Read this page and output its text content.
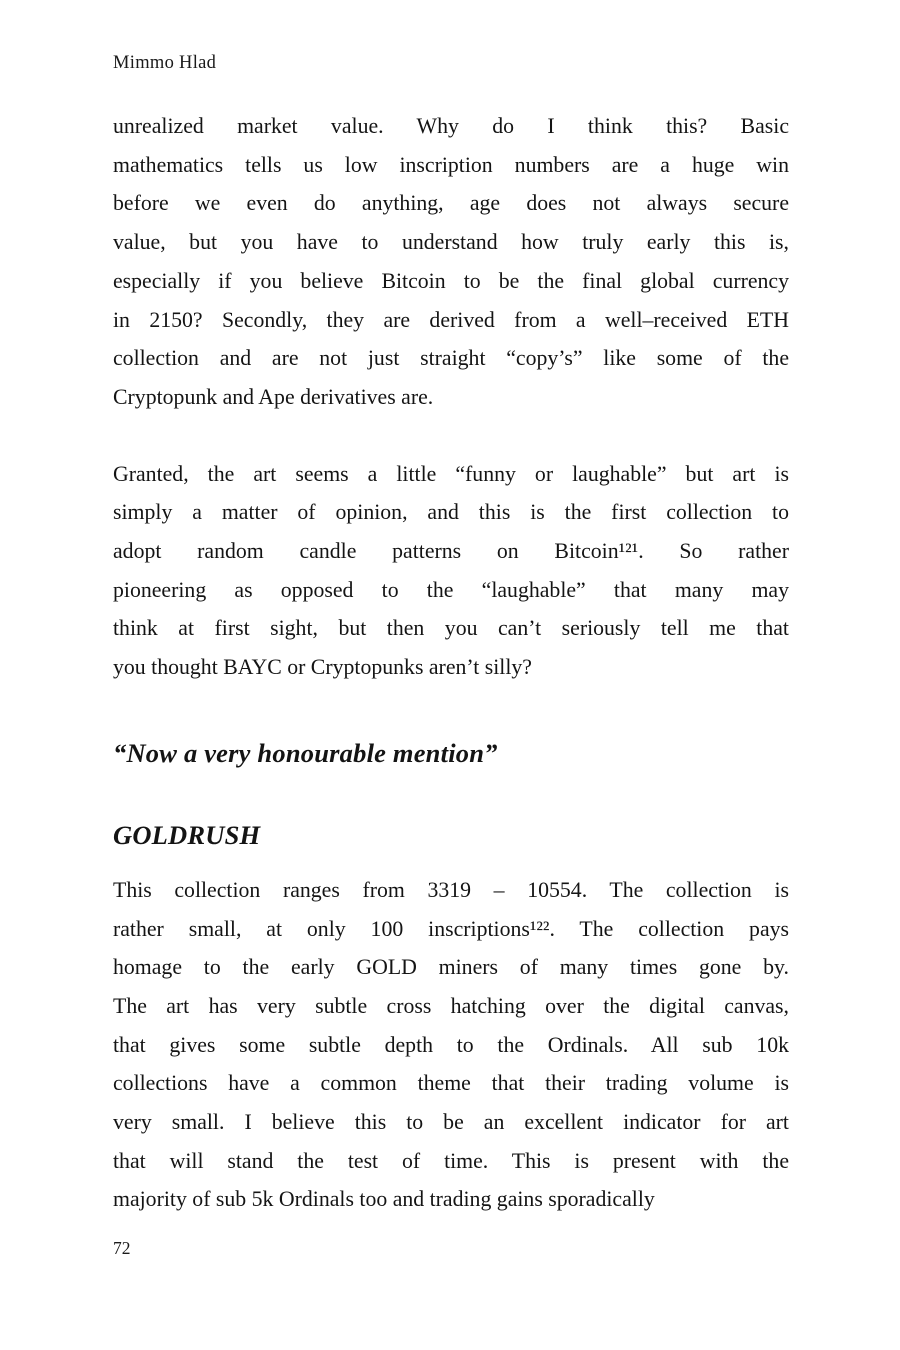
Mimmo Hlad
unrealized market value. Why do I think this? Basic
mathematics tells us low inscription numbers are a huge win
before we even do anything, age does not always secure
value, but you have to understand how truly early this is,
especially if you believe Bitcoin to be the final global currency
in 2150? Secondly, they are derived from a well–received ETH
collection and are not just straight “copy’s” like some of the
Cryptopunk and Ape derivatives are.
Granted, the art seems a little “funny or laughable” but art is
simply a matter of opinion, and this is the first collection to
adopt random candle patterns on Bitcoin¹²¹. So rather
pioneering as opposed to the “laughable” that many may
think at first sight, but then you can’t seriously tell me that
you thought BAYC or Cryptopunks aren’t silly?
“Now a very honourable mention”
GOLDRUSH
This collection ranges from 3319 – 10554. The collection is
rather small, at only 100 inscriptions¹²². The collection pays
homage to the early GOLD miners of many times gone by.
The art has very subtle cross hatching over the digital canvas,
that gives some subtle depth to the Ordinals. All sub 10k
collections have a common theme that their trading volume is
very small. I believe this to be an excellent indicator for art
that will stand the test of time. This is present with the
majority of sub 5k Ordinals too and trading gains sporadically
72
